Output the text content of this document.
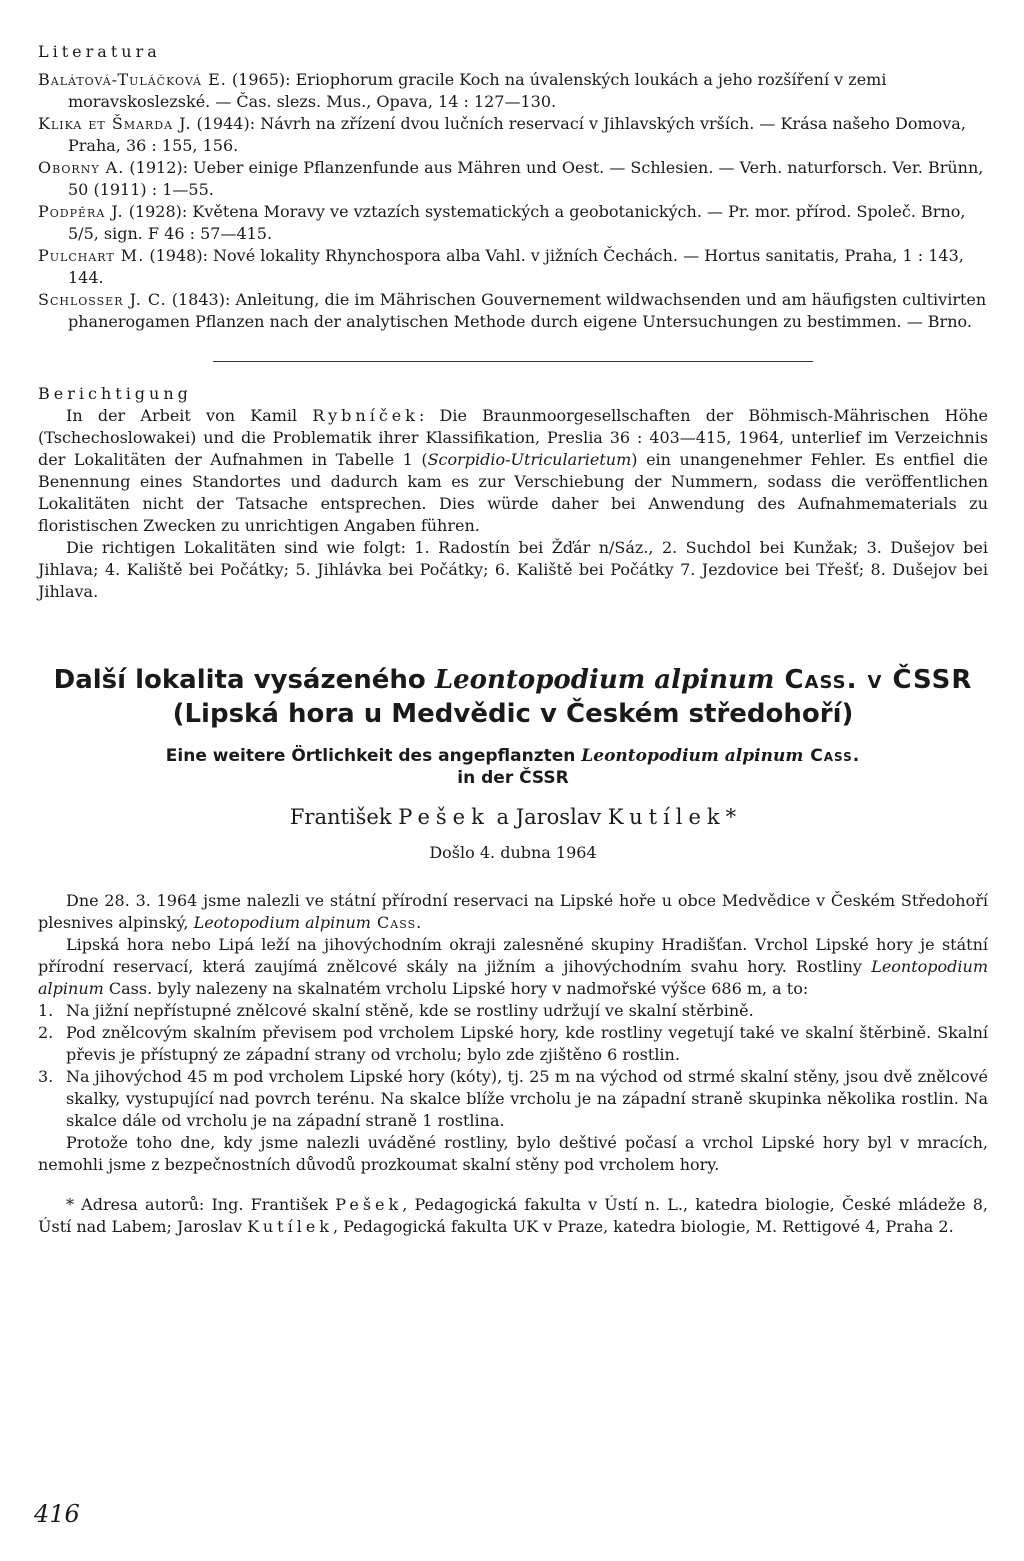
Literatura

Balátová-Tuláčková E. (1965): Eriophorum gracile Koch na úvalenských loukách a jeho rozšíření v zemi moravskoslezské. — Čas. slezs. Mus., Opava, 14 : 127—130.

Klika et Šmarda J. (1944): Návrh na zřízení dvou lučních reservací v Jihlavských vrších. — Krása našeho Domova, Praha, 36 : 155, 156.

Oborny A. (1912): Ueber einige Pflanzenfunde aus Mähren und Oest. — Schlesien. — Verh. naturforsch. Ver. Brünn, 50 (1911) : 1—55.

Podpěra J. (1928): Květena Moravy ve vztazích systematických a geobotanických. — Pr. mor. přírod. Společ. Brno, 5/5, sign. F 46 : 57—415.

Pulchart M. (1948): Nové lokality Rhynchospora alba Vahl. v jižních Čechách. — Hortus sanitatis, Praha, 1 : 143, 144.

Schlosser J. C. (1843): Anleitung, die im Mährischen Gouvernement wildwachsenden und am häufigsten cultivirten phanerogamen Pflanzen nach der analytischen Methode durch eigene Untersuchungen zu bestimmen. — Brno.

Berichtigung

In der Arbeit von Kamil Rybníček: Die Braunmoorgesellschaften der Böhmisch-Mährischen Höhe (Tschechoslowakei) und die Problematik ihrer Klassifikation, Preslia 36 : 403—415, 1964, unterlief im Verzeichnis der Lokalitäten der Aufnahmen in Tabelle 1 (Scorpidio-Utricularietum) ein unangenehmer Fehler. Es entfiel die Benennung eines Standortes und dadurch kam es zur Verschiebung der Nummern, sodass die veröffentlichen Lokalitäten nicht der Tatsache entsprechen. Dies würde daher bei Anwendung des Aufnahmematerials zu floristischen Zwecken zu unrichtigen Angaben führen.

Die richtigen Lokalitäten sind wie folgt: 1. Radostín bei Žďár n/Sáz., 2. Suchdol bei Kunžak; 3. Dušejov bei Jihlava; 4. Kaliště bei Počátky; 5. Jihlávka bei Počátky; 6. Kaliště bei Počátky 7. Jezdovice bei Třešť; 8. Dušejov bei Jihlava.

Další lokalita vysázeného Leontopodium alpinum Cass. v ČSSR
(Lipská hora u Medvědic v Českém středohoří)
Eine weitere Örtlichkeit des angepflanzten Leontopodium alpinum Cass.
in der ČSSR

František Pešek a Jaroslav Kutílek*

Došlo 4. dubna 1964

Dne 28. 3. 1964 jsme nalezli ve státní přírodní reservaci na Lipské hoře u obce Medvědice v Českém Středohoří plesnives alpinský, Leotopodium alpinum Cass.

Lipská hora nebo Lipá leží na jihovýchodním okraji zalesněné skupiny Hradišťan. Vrchol Lipské hory je státní přírodní reservací, která zaujímá znělcové skály na jižním a jihovýchodním svahu hory. Rostliny Leontopodium alpinum Cass. byly nalezeny na skalnatém vrcholu Lipské hory v nadmořské výšce 686 m, a to:

1. Na jižní nepřístupné znělcové skalní stěně, kde se rostliny udržují ve skalní stěrbině.
2. Pod znělcovým skalním převisem pod vrcholem Lipské hory, kde rostliny vegetují také ve skalní štěrbině. Skalní převis je přístupný ze západní strany od vrcholu; bylo zde zjištěno 6 rostlin.
3. Na jihovýchod 45 m pod vrcholem Lipské hory (kóty), tj. 25 m na východ od strmé skalní stěny, jsou dvě znělcové skalky, vystupující nad povrch terénu. Na skalce blíže vrcholu je na západní straně skupinka několika rostlin. Na skalce dále od vrcholu je na západní straně 1 rostlina.

Protože toho dne, kdy jsme nalezli uváděné rostliny, bylo deštivé počasí a vrchol Lipské hory byl v mracích, nemohli jsme z bezpečnostních důvodů prozkoumat skalní stěny pod vrcholem hory.

* Adresa autorů: Ing. František Pešek, Pedagogická fakulta v Ústí n. L., katedra biologie, České mládeže 8, Ústí nad Labem; Jaroslav Kutílek, Pedagogická fakulta UK v Praze, katedra biologie, M. Rettigové 4, Praha 2.

416
